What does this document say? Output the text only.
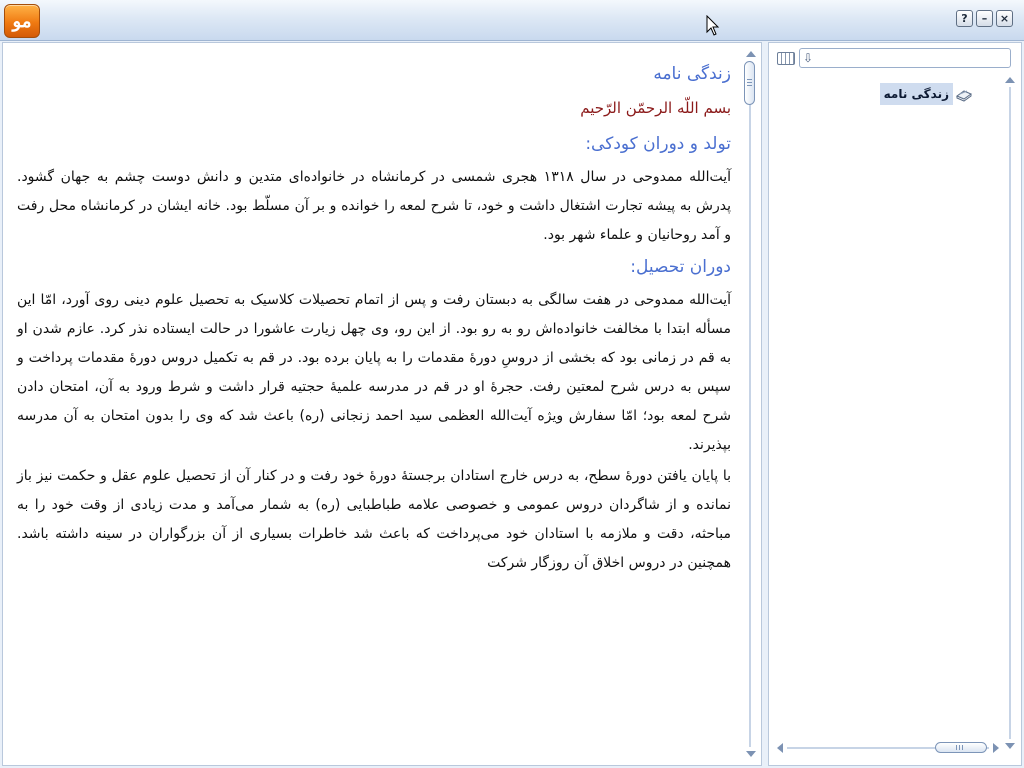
مو	? – ×
زندگی نامه
بسم اللّه الرحمّن الرّحیم
تولد و دوران کودکی:

آیت‌الله ممدوحی در سال ۱۳۱۸ هجری شمسی در کرمانشاه در خانواده‌ای متدین و دانش دوست چشم به جهان گشود. پدرش به پیشه تجارت اشتغال داشت و خود، تا شرح لمعه را خوانده و بر آن مسلّط بود. خانه ایشان در کرمانشاه محل رفت و آمد روحانیان و علماء شهر بود.

دوران تحصیل:

آیت‌الله ممدوحی در هفت سالگی به دبستان رفت و پس از اتمام تحصیلات کلاسیک به تحصیل علوم دینی روی آورد، امّا این مسأله ابتدا با مخالفت خانواده‌اش رو به رو بود. از این رو، وی چهل زیارت عاشورا در حالت ایستاده نذر کرد. عازم شدن او به قم در زمانی بود که بخشی از دروسِ دورهٔ مقدمات را به پایان برده بود. در قم به تکمیل دروس دورهٔ مقدمات پرداخت و سپس به درس شرح لمعتین رفت. حجرهٔ او در قم در مدرسه علمیهٔ حجتیه قرار داشت و شرط ورود به آن، امتحان دادن شرح لمعه بود؛ امّا سفارش ویژه آیت‌الله العظمی سید احمد زنجانی (ره) باعث شد که وی را بدون امتحان به آن مدرسه بپذیرند.

با پایان یافتن دورهٔ سطح، به درس خارج استادان برجستهٔ دورهٔ خود رفت و در کنار آن از تحصیل علوم عقل و حکمت نیز باز نمانده و از شاگردان دروس عمومی و خصوصی علامه طباطبایی (ره) به شمار می‌آمد و مدت زیادی از وقت خود را به مباحثه، دقت و ملازمه با استادان خود می‌پرداخت که باعث شد خاطرات بسیاری از آن بزرگواران در سینه داشته باشد. همچنین در دروس اخلاق آن روزگار شرکت

⇩
زندگی نامه
